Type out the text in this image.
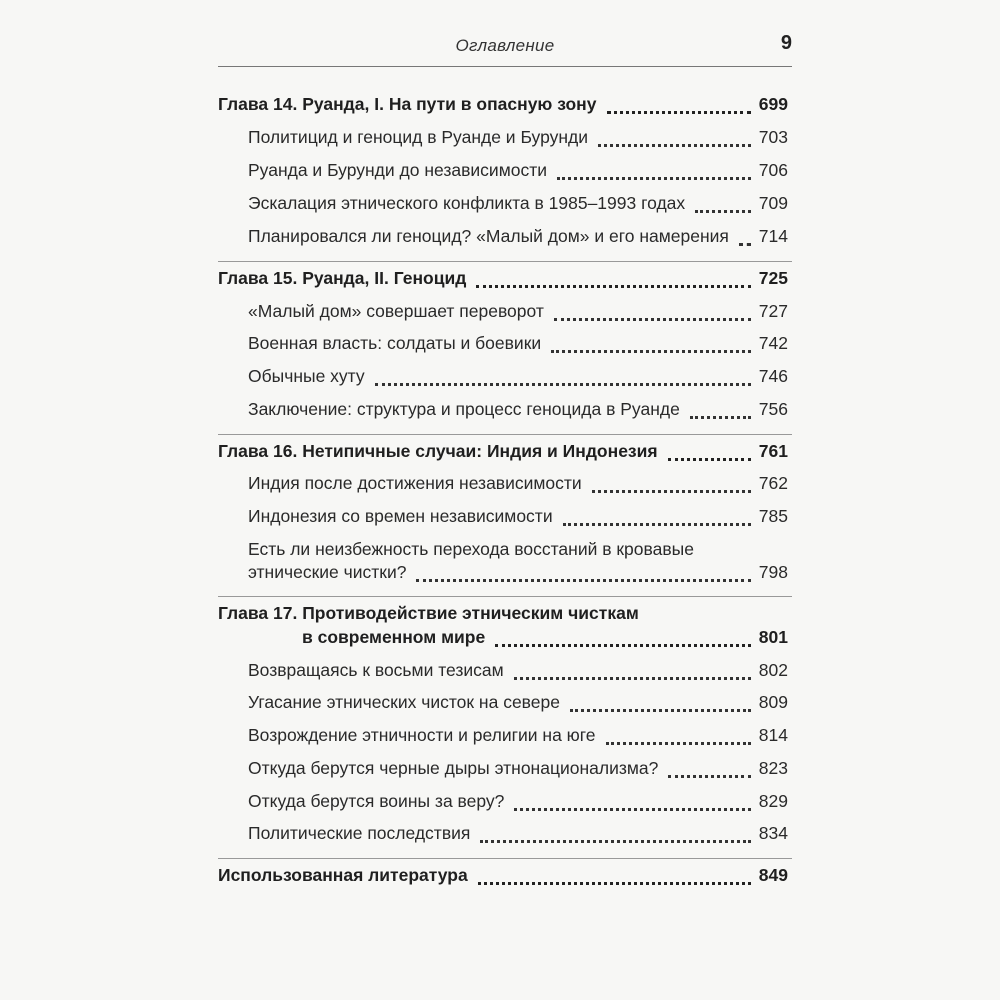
Оглавление	9
Глава 14. Руанда, I. На пути в опасную зону	699
Политицид и геноцид в Руанде и Бурунди	703
Руанда и Бурунди до независимости	706
Эскалация этнического конфликта в 1985–1993 годах	709
Планировался ли геноцид? «Малый дом» и его намерения 714
Глава 15. Руанда, II. Геноцид	725
«Малый дом» совершает переворот	727
Военная власть: солдаты и боевики	742
Обычные хуту	746
Заключение: структура и процесс геноцида в Руанде	756
Глава 16. Нетипичные случаи: Индия и Индонезия	761
Индия после достижения независимости	762
Индонезия со времен независимости	785
Есть ли неизбежность перехода восстаний в кровавые
этнические чистки?	798
Глава 17. Противодействие этническим чисткам
в современном мире	801
Возвращаясь к восьми тезисам	802
Угасание этнических чисток на севере	809
Возрождение этничности и религии на юге	814
Откуда берутся черные дыры этнонационализма?	823
Откуда берутся воины за веру?	829
Политические последствия	834
Использованная литература	849
